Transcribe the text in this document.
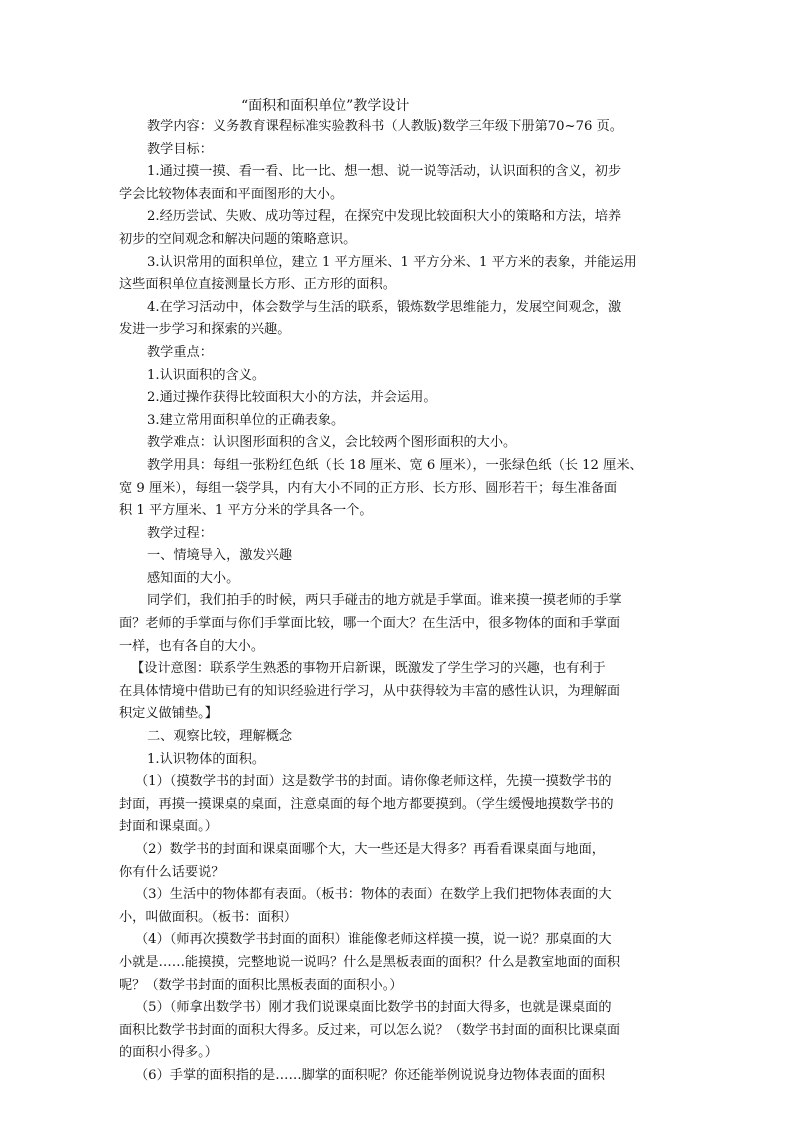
“面积和面积单位”教学设计

教学内容：义务教育课程标准实验教科书（人教版)数学三年级下册第70~76 页。

教学目标：

1.通过摸一摸、看一看、比一比、想一想、说一说等活动，认识面积的含义，初步

学会比较物体表面和平面图形的大小。

2.经历尝试、失败、成功等过程，在探究中发现比较面积大小的策略和方法，培养

初步的空间观念和解决问题的策略意识。

3.认识常用的面积单位，建立 1 平方厘米、1 平方分米、1 平方米的表象，并能运用

这些面积单位直接测量长方形、正方形的面积。

4.在学习活动中，体会数学与生活的联系，锻炼数学思维能力，发展空间观念，激

发进一步学习和探索的兴趣。

教学重点：

1.认识面积的含义。

2.通过操作获得比较面积大小的方法，并会运用。

3.建立常用面积单位的正确表象。

教学难点：认识图形面积的含义，会比较两个图形面积的大小。

教学用具：每组一张粉红色纸（长 18 厘米、宽 6 厘米），一张绿色纸（长 12 厘米、

宽 9 厘米），每组一袋学具，内有大小不同的正方形、长方形、圆形若干；每生准备面

积 1 平方厘米、1 平方分米的学具各一个。

教学过程：

一、情境导入，激发兴趣

感知面的大小。

同学们，我们拍手的时候，两只手碰击的地方就是手掌面。谁来摸一摸老师的手掌

面？老师的手掌面与你们手掌面比较，哪一个面大？在生活中，很多物体的面和手掌面

一样，也有各自的大小。

【设计意图：联系学生熟悉的事物开启新课，既激发了学生学习的兴趣，也有利于

在具体情境中借助已有的知识经验进行学习，从中获得较为丰富的感性认识，为理解面

积定义做铺垫。】

二、观察比较，理解概念

1.认识物体的面积。

（1）（摸数学书的封面）这是数学书的封面。请你像老师这样，先摸一摸数学书的

封面，再摸一摸课桌的桌面，注意桌面的每个地方都要摸到。（学生缓慢地摸数学书的

封面和课桌面。）

（2）数学书的封面和课桌面哪个大，大一些还是大得多？再看看课桌面与地面，

你有什么话要说？

（3）生活中的物体都有表面。（板书：物体的表面）在数学上我们把物体表面的大

小，叫做面积。（板书：面积）

（4）（师再次摸数学书封面的面积）谁能像老师这样摸一摸，说一说？那桌面的大

小就是……能摸摸，完整地说一说吗？什么是黑板表面的面积？什么是教室地面的面积

呢？（数学书封面的面积比黑板表面的面积小。）

（5）（师拿出数学书）刚才我们说课桌面比数学书的封面大得多，也就是课桌面的

面积比数学书封面的面积大得多。反过来，可以怎么说？（数学书封面的面积比课桌面

的面积小得多。）

（6）手掌的面积指的是……脚掌的面积呢？你还能举例说说身边物体表面的面积
